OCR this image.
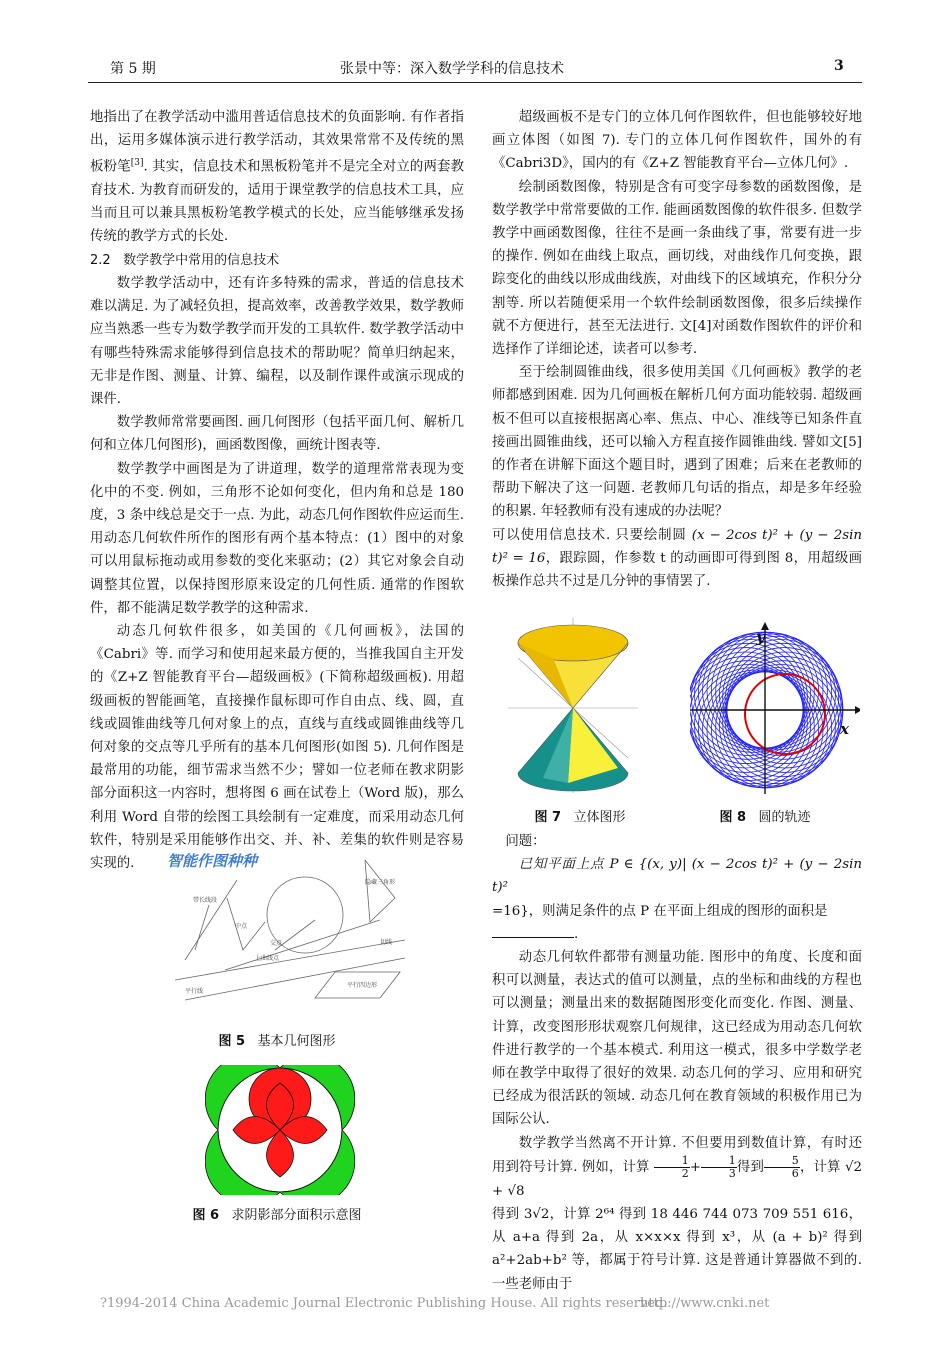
第 5 期	张景中等：深入数学学科的信息技术	3

地指出了在教学活动中滥用普适信息技术的负面影响. 有作者指出，运用多媒体演示进行教学活动，其效果常常不及传统的黑板粉笔[3]. 其实，信息技术和黑板粉笔并不是完全对立的两套教育技术. 为教育而研发的，适用于课堂教学的信息技术工具，应当而且可以兼具黑板粉笔教学模式的长处，应当能够继承发扬传统的教学方式的长处.

2.2 数学教学中常用的信息技术

数学教学活动中，还有许多特殊的需求，普适的信息技术难以满足. 为了减轻负担，提高效率，改善教学效果，数学教师应当熟悉一些专为数学教学而开发的工具软件. 数学教学活动中有哪些特殊需求能够得到信息技术的帮助呢？简单归纳起来，无非是作图、测量、计算、编程，以及制作课件或演示现成的课件.

数学教师常常要画图. 画几何图形（包括平面几何、解析几何和立体几何图形)，画函数图像，画统计图表等.

数学教学中画图是为了讲道理，数学的道理常常表现为变化中的不变. 例如，三角形不论如何变化，但内角和总是 180 度，3 条中线总是交于一点. 为此，动态几何作图软件应运而生. 用动态几何软件所作的图形有两个基本特点：(1）图中的对象可以用鼠标拖动或用参数的变化来驱动；(2）其它对象会自动调整其位置，以保持图形原来设定的几何性质. 通常的作图软件，都不能满足数学教学的这种需求.

动态几何软件很多，如美国的《几何画板》，法国的《Cabri》等. 而学习和使用起来最方便的，当推我国自主开发的《Z+Z 智能教育平台—超级画板》(下简称超级画板). 用超级画板的智能画笔，直接操作鼠标即可作自由点、线、圆，直线或圆锥曲线等几何对象上的点，直线与直线或圆锥曲线等几何对象的交点等几乎所有的基本几何图形(如图 5). 几何作图是最常用的功能，细节需求当然不少；譬如一位老师在教求阴影部分面积这一内容时，想将图 6 画在试卷上（Word 版)，那么利用 Word 自带的绘图工具绘制有一定难度，而采用动态几何软件，特别是采用能够作出交、并、补、差集的软件则是容易实现的.	智能作图种种
带长线段
隐藏三角形
中点
交点
上曲线点
切线
平行线
平行四边形
图 5 基本几何图形
图 6 求阴影部分面积示意图

超级画板不是专门的立体几何作图软件，但也能够较好地画立体图（如图 7). 专门的立体几何作图软件，国外的有《Cabri3D》，国内的有《Z+Z 智能教育平台—立体几何》.

绘制函数图像，特别是含有可变字母参数的函数图像，是数学教学中常常要做的工作. 能画函数图像的软件很多. 但数学教学中画函数图像，往往不是画一条曲线了事，常要有进一步的操作. 例如在曲线上取点，画切线，对曲线作几何变换，跟踪变化的曲线以形成曲线族，对曲线下的区域填充，作积分分割等. 所以若随便采用一个软件绘制函数图像，很多后续操作就不方便进行，甚至无法进行. 文[4]对函数作图软件的评价和选择作了详细论述，读者可以参考.

至于绘制圆锥曲线，很多使用美国《几何画板》教学的老师都感到困难. 因为几何画板在解析几何方面功能较弱. 超级画板不但可以直接根据离心率、焦点、中心、准线等已知条件直接画出圆锥曲线，还可以输入方程直接作圆锥曲线. 譬如文[5]的作者在讲解下面这个题目时，遇到了困难；后来在老教师的帮助下解决了这一问题. 老教师几句话的指点，却是多年经验的积累. 年轻教师有没有速成的办法呢？

可以使用信息技术. 只要绘制圆 (x − 2cos t)² + (y − 2sin t)² = 16，跟踪圆，作参数 t 的动画即可得到图 8，用超级画板操作总共不过是几分钟的事情罢了.

图 7 立体图形
y
x
图 8 圆的轨迹

问题：

已知平面上点 P ∈ {(x, y)| (x − 2cos t)² + (y − 2sin t)²

=16}，则满足条件的点 P 在平面上组成的图形的面积是

.

动态几何软件都带有测量功能. 图形中的角度、长度和面积可以测量，表达式的值可以测量，点的坐标和曲线的方程也可以测量；测量出来的数据随图形变化而变化. 作图、测量、计算，改变图形形状观察几何规律，这已经成为用动态几何软件进行教学的一个基本模式. 利用这一模式，很多中学数学老师在教学中取得了很好的效果. 动态几何的学习、应用和研究已经成为很活跃的领域. 动态几何在教育领域的积极作用已为国际公认.

数学教学当然离不开计算. 不但要用到数值计算，有时还用到符号计算. 例如，计算 $\frac{1}{2} + \frac{1}{3}$ 得到 $\frac{5}{6}$ ，计算 √2 + √8

得到 3√2，计算 2⁶⁴ 得到 18 446 744 073 709 551 616，从 a+a 得到 2a，从 x×x×x 得到 x³，从 (a + b)² 得到 a²+2ab+b² 等，都属于符号计算. 这是普通计算器做不到的. 一些老师由于

?1994-2014 China Academic Journal Electronic Publishing House. All rights reserved.
http://www.cnki.net
